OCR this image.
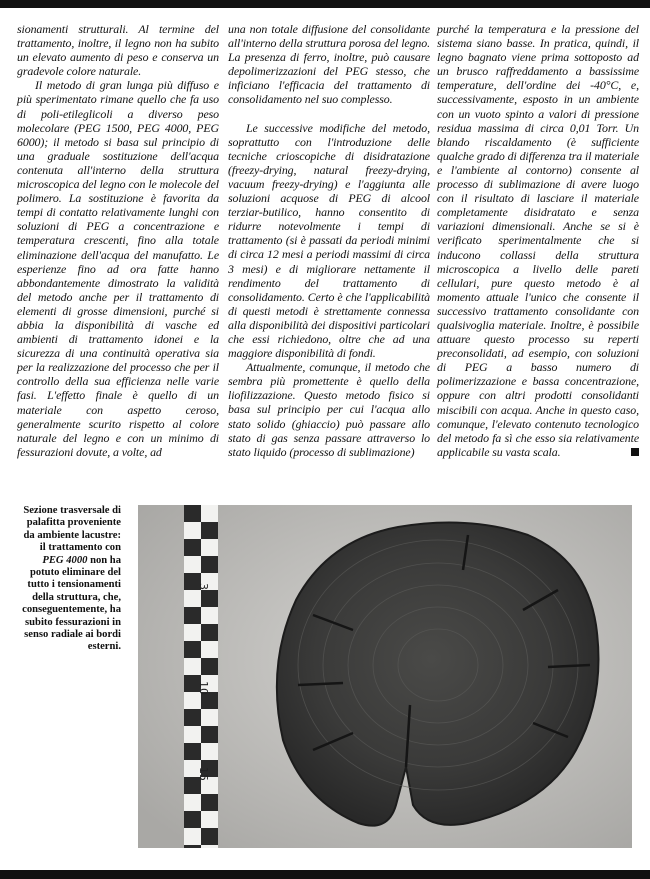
sionamenti strutturali. Al termine del trattamento, inoltre, il legno non ha subito un elevato aumento di peso e conserva un gradevole colore naturale.

Il metodo di gran lunga più diffuso e più sperimentato rimane quello che fa uso di poli-etileglicoli a diverso peso molecolare (PEG 1500, PEG 4000, PEG 6000); il metodo si basa sul principio di una graduale sostituzione dell'acqua contenuta all'interno della struttura microscopica del legno con le molecole del polimero. La sostituzione è favorita da tempi di contatto relativamente lunghi con soluzioni di PEG a concentrazione e temperatura crescenti, fino alla totale eliminazione dell'acqua del manufatto. Le esperienze fino ad ora fatte hanno abbondantemente dimostrato la validità del metodo anche per il trattamento di elementi di grosse dimensioni, purché si abbia la disponibilità di vasche ed ambienti di trattamento idonei e la sicurezza di una continuità operativa sia per la realizzazione del processo che per il controllo della sua efficienza nelle varie fasi. L'effetto finale è quello di un materiale con aspetto ceroso, generalmente scurito rispetto al colore naturale del legno e con un minimo di fessurazioni dovute, a volte, ad

una non totale diffusione del consolidante all'interno della struttura porosa del legno. La presenza di ferro, inoltre, può causare depolimerizzazioni del PEG stesso, che inficiano l'efficacia del trattamento di consolidamento nel suo complesso.

Le successive modifiche del metodo, soprattutto con l'introduzione delle tecniche crioscopiche di disidratazione (freezy-drying, natural freezy-drying, vacuum freezy-drying) e l'aggiunta alle soluzioni acquose di PEG di alcool terziar-butilico, hanno consentito di ridurre notevolmente i tempi di trattamento (si è passati da periodi minimi di circa 12 mesi a periodi massimi di circa 3 mesi) e di migliorare nettamente il rendimento del trattamento di consolidamento. Certo è che l'applicabilità di questi metodi è strettamente connessa alla disponibilità dei dispositivi particolari che essi richiedono, oltre che ad una maggiore disponibilità di fondi.

Attualmente, comunque, il metodo che sembra più promettente è quello della liofilizzazione. Questo metodo fisico si basa sul principio per cui l'acqua allo stato solido (ghiaccio) può passare allo stato di gas senza passare attraverso lo stato liquido (processo di sublimazione)

purché la temperatura e la pressione del sistema siano basse. In pratica, quindi, il legno bagnato viene prima sottoposto ad un brusco raffreddamento a bassissime temperature, dell'ordine dei -40°C, e, successivamente, esposto in un ambiente con un vuoto spinto a valori di pressione residua massima di circa 0,01 Torr. Un blando riscaldamento (è sufficiente qualche grado di differenza tra il materiale e l'ambiente al contorno) consente al processo di sublimazione di avere luogo con il risultato di lasciare il materiale completamente disidratato e senza variazioni dimensionali. Anche se si è verificato sperimentalmente che si inducono collassi della struttura microscopica a livello delle pareti cellulari, pure questo metodo è al momento attuale l'unico che consente il successivo trattamento consolidante con qualsivoglia materiale. Inoltre, è possibile attuare questo processo su reperti preconsolidati, ad esempio, con soluzioni di PEG a basso numero di polimerizzazione e bassa concentrazione, oppure con altri prodotti consolidanti miscibili con acqua. Anche in questo caso, comunque, l'elevato contenuto tecnologico del metodo fa sì che esso sia relativamente applicabile su vasta scala.

Sezione trasversale di palafitta proveniente da ambiente lacustre: il trattamento con PEG 4000 non ha potuto eliminare del tutto i tensionamenti della struttura, che, conseguentemente, ha subito fessurazioni in senso radiale ai bordi esterni.
3
10
15
